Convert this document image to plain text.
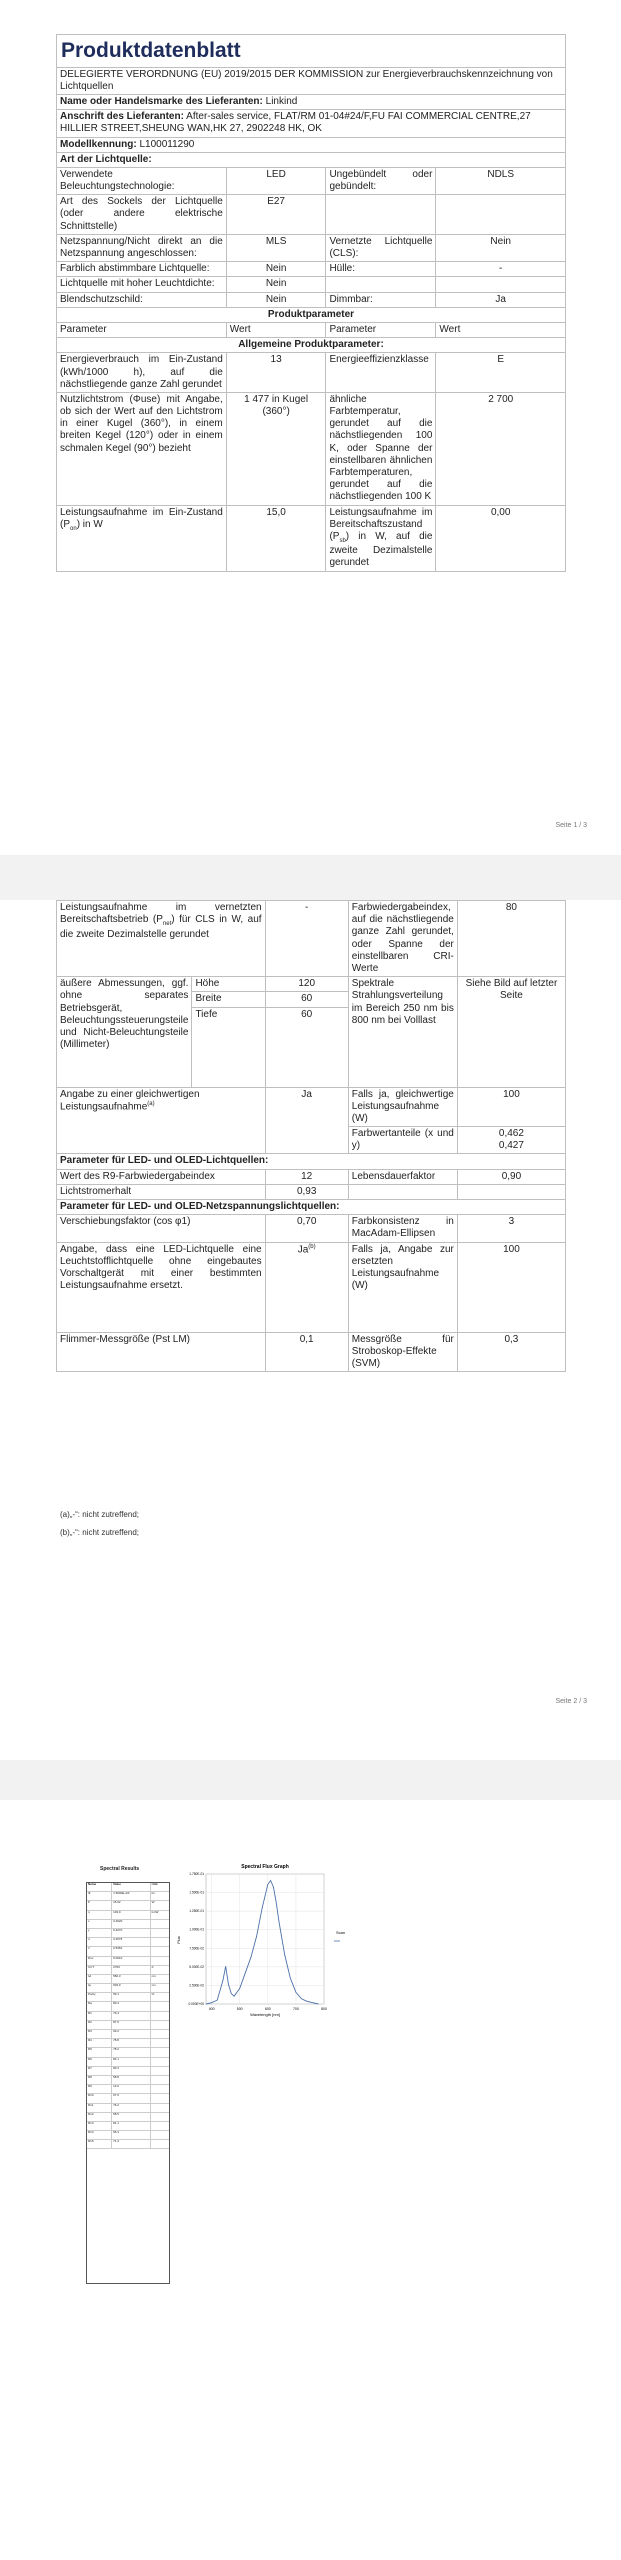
Produktdatenblatt			
DELEGIERTE VERORDNUNG (EU) 2019/2015 DER KOMMISSION zur Energieverbrauchskennzeichnung von Lichtquellen			
Name oder Handelsmarke des Lieferanten: Linkind			
Anschrift des Lieferanten: After-sales service, FLAT/RM 01-04#24/F,FU FAI COMMERCIAL CENTRE,27 HILLIER STREET,SHEUNG WAN,HK 27, 2902248 HK, OK			
Modellkennung: L100011290			
Art der Lichtquelle:			
Verwendete Beleuchtungstechnologie:	LED	Ungebündelt oder gebündelt:	NDLS
Art des Sockels der Lichtquelle (oder andere elektrische Schnittstelle)	E27		
Netzspannung/Nicht direkt an die Netzspannung angeschlossen:	MLS	Vernetzte Lichtquelle (CLS):	Nein
Farblich abstimmbare Lichtquelle:	Nein	Hülle:	-
Lichtquelle mit hoher Leuchtdichte:	Nein		
Blendschutzschild:	Nein	Dimmbar:	Ja
Produktparameter			
Parameter	Wert	Parameter	Wert
Allgemeine Produktparameter:			
Energieverbrauch im Ein-Zustand (kWh/1000 h), auf die nächstliegende ganze Zahl gerundet	13	Energieeffizienzklasse	E
Nutzlichtstrom (Φuse) mit Angabe, ob sich der Wert auf den Lichtstrom in einer Kugel (360°), in einem breiten Kegel (120°) oder in einem schmalen Kegel (90°) bezieht	1 477 in Kugel (360°)	ähnliche Farbtemperatur, gerundet auf die nächstliegenden 100 K, oder Spanne der einstellbaren ähnlichen Farbtemperaturen, gerundet auf die nächstliegenden 100 K	2 700
Leistungsaufnahme im Ein-Zustand $(P_{on})$ in W	15,0	Leistungsaufnahme im Bereitschaftszustand $(P_{sb})$ in W, auf die zweite Dezimalstelle gerundet	0,00
Seite 1 / 3
Leistungsaufnahme im vernetzten Bereitschaftsbetrieb $(P_{net})$ für CLS in W, auf die zweite Dezimalstelle gerundet		-	Farbwiedergabeindex, auf die nächstliegende ganze Zahl gerundet, oder Spanne der einstellbaren CRI-Werte	80
äußere Abmessungen, ggf. ohne separates Betriebsgerät, Beleuchtungssteuerungsteile und Nicht-Beleuchtungsteile (Millimeter)	Höhe	120	Spektrale Strahlungsverteilung im Bereich 250 nm bis 800 nm bei Volllast	Siehe Bild auf letzter Seite
	Breite	60		
	Tiefe	60		
Angabe zu einer gleichwertigen Leistungsaufnahme$^{(a)}$		Ja	Falls ja, gleichwertige Leistungsaufnahme (W)	100
			Farbwertanteile (x und y)	0,462
0,427

Parameter für LED- und OLED-Lichtquellen:				
Wert des R9-Farbwiedergabeindex		12	Lebensdauerfaktor	0,90
Lichtstromerhalt		0,93		
Parameter für LED- und OLED-Netzspannungslichtquellen:				
Verschiebungsfaktor (cos φ1)		0,70	Farbkonsistenz in MacAdam-Ellipsen	3
Angabe, dass eine LED-Lichtquelle eine Leuchtstofflichtquelle ohne eingebautes Vorschaltgerät mit einer bestimmten Leistungsaufnahme ersetzt.		Ja$^{(b)}$	Falls ja, Angabe zur ersetzten Leistungsaufnahme (W)	100
Flimmer-Messgröße (Pst LM)		0,1	Messgröße für Stroboskop-Effekte (SVM)	0,3
(a)„-“: nicht zutreffend;
(b)„-“: nicht zutreffend;
Seite 2 / 3
Spectral Results
Name	Value	Unit
Φ	1.5600E+03	lm
P	15.02	W
η	103.9	lm/W
x	0.4620
y	0.4270
u'	0.2576
v'	0.5352
Duv	0.0010
CCT	2700	K
λd	582.3	nm
λp	603.0	nm
Purity	59.1	%
Ra	80.4
R1	79.4
R2	87.5
R3	93.2
R4	78.8
R5	78.2
R6	84.1
R7	83.3
R8	58.8
R9	12.0
R10	67.6
R11	76.2
R12	58.5
R13	81.1
R14	96.4
R15	71.4
Spectral Flux Graph
0.000E+00
2.500E-02
5.000E-02
7.500E-02
1.000E-01
1.250E-01
1.500E-01
1.750E-01
400	500	600	700	800
Wavelength [nm]
Flux
Scan
